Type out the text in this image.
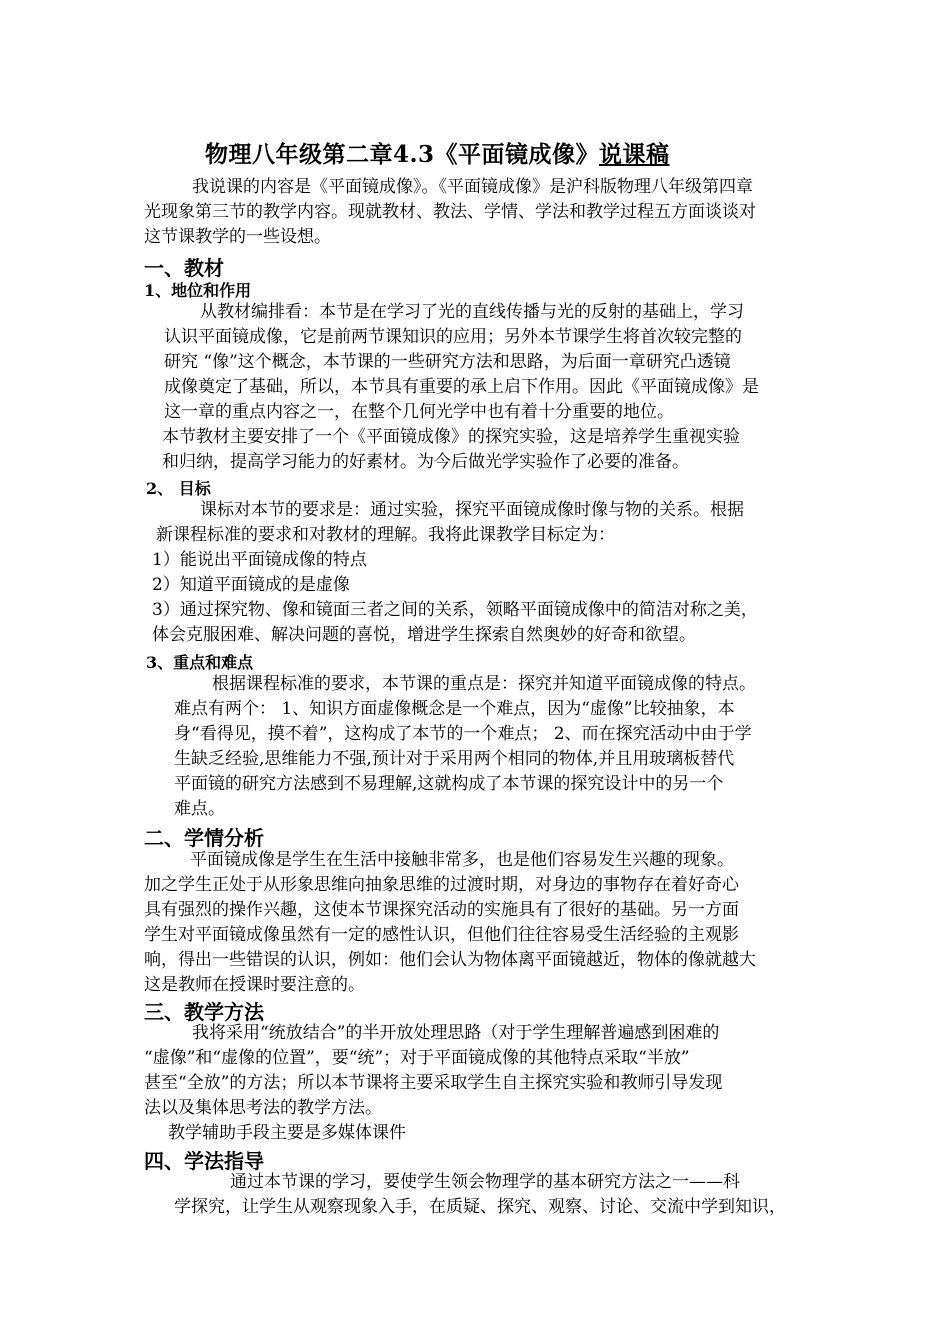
物理八年级第二章4.3《平面镜成像》说课稿
我说课的内容是《平面镜成像》。《平面镜成像》是沪科版物理八年级第四章
光现象第三节的教学内容。现就教材、教法、学情、学法和教学过程五方面谈谈对
这节课教学的一些设想。
一、教材
1、地位和作用
从教材编排看：本节是在学习了光的直线传播与光的反射的基础上，学习
认识平面镜成像，它是前两节课知识的应用；另外本节课学生将首次较完整的
研究 “像”这个概念，本节课的一些研究方法和思路，为后面一章研究凸透镜
成像奠定了基础，所以，本节具有重要的承上启下作用。因此《平面镜成像》是
这一章的重点内容之一，在整个几何光学中也有着十分重要的地位。
本节教材主要安排了一个《平面镜成像》的探究实验，这是培养学生重视实验
和归纳，提高学习能力的好素材。为今后做光学实验作了必要的准备。
2、 目标
课标对本节的要求是：通过实验，探究平面镜成像时像与物的关系。根据
新课程标准的要求和对教材的理解。我将此课教学目标定为：
1）能说出平面镜成像的特点
2）知道平面镜成的是虚像
3）通过探究物、像和镜面三者之间的关系，领略平面镜成像中的简洁对称之美，
体会克服困难、解决问题的喜悦，增进学生探索自然奥妙的好奇和欲望。
3、重点和难点
根据课程标准的要求，本节课的重点是：探究并知道平面镜成像的特点。
难点有两个： 1、知识方面虚像概念是一个难点，因为“虚像”比较抽象，本
身“看得见，摸不着”，这构成了本节的一个难点； 2、而在探究活动中由于学
生缺乏经验,思维能力不强,预计对于采用两个相同的物体,并且用玻璃板替代
平面镜的研究方法感到不易理解,这就构成了本节课的探究设计中的另一个
难点。
二、学情分析
平面镜成像是学生在生活中接触非常多，也是他们容易发生兴趣的现象。
加之学生正处于从形象思维向抽象思维的过渡时期，对身边的事物存在着好奇心
具有强烈的操作兴趣，这使本节课探究活动的实施具有了很好的基础。另一方面
学生对平面镜成像虽然有一定的感性认识，但他们往往容易受生活经验的主观影
响，得出一些错误的认识，例如：他们会认为物体离平面镜越近，物体的像就越大
这是教师在授课时要注意的。
三、教学方法
我将采用“统放结合”的半开放处理思路（对于学生理解普遍感到困难的
“虚像”和“虚像的位置”，要“统”；对于平面镜成像的其他特点采取“半放”
甚至“全放”的方法；所以本节课将主要采取学生自主探究实验和教师引导发现
法以及集体思考法的教学方法。
教学辅助手段主要是多媒体课件
四、学法指导
通过本节课的学习，要使学生领会物理学的基本研究方法之一——科
学探究，让学生从观察现象入手，在质疑、探究、观察、讨论、交流中学到知识，
